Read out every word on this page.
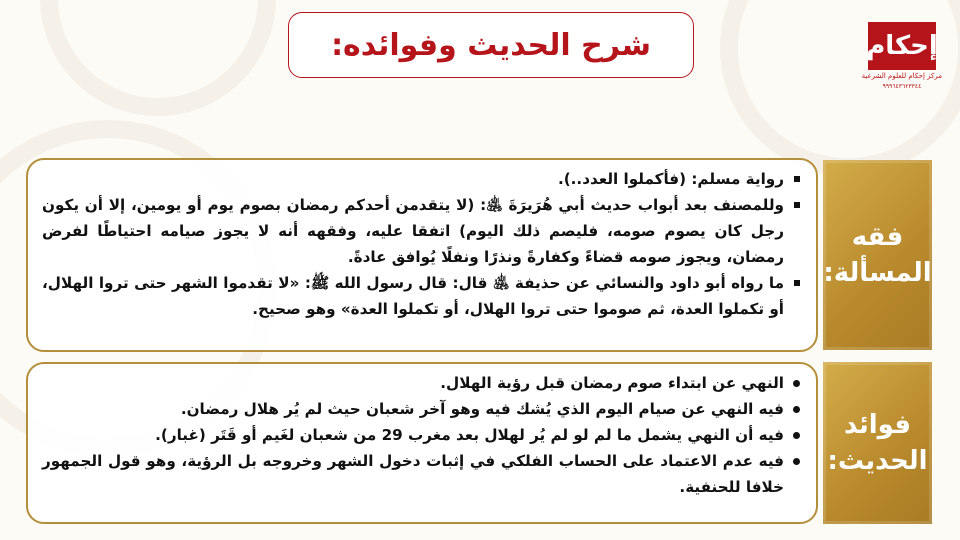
شرح الحديث وفوائده:	إحكام
مركز إحكام للعلوم الشرعية
٩٩٩٦٤٣٦٢٣٣٤٤
رواية مسلم: (فأكملوا العدد..).
وللمصنف بعد أبواب حديث أبي هُرَيرَةَ ﵁: (لا يتقدمن أحدكم رمضان بصوم يوم أو يومين، إلا أن يكون رجل كان يصوم صومه، فليصم ذلك اليوم) اتفقا عليه، وفقهه أنه لا يجوز صيامه احتياطًا لفرض رمضان، ويجوز صومه قضاءً وكفارةً ونذرًا ونفلًا يُوافق عادةً.
ما رواه أبو داود والنسائي عن حذيفة ﵁ قال: قال رسول الله ﷺ: «لا تقدموا الشهر حتى تروا الهلال، أو تكملوا العدة، ثم صوموا حتى تروا الهلال، أو تكملوا العدة» وهو صحيح.
فقه
المسألة:
النهي عن ابتداء صوم رمضان قبل رؤية الهلال.
فيه النهي عن صيام اليوم الذي يُشك فيه وهو آخر شعبان حيث لم يُر هلال رمضان.
فيه أن النهي يشمل ما لم لو لم يُر لهلال بعد مغرب 29 من شعبان لغَيم أو قَتَر (غبار).
فيه عدم الاعتماد على الحساب الفلكي في إثبات دخول الشهر وخروجه بل الرؤية، وهو قول الجمهور خلافا للحنفية.
فوائد
الحديث:
